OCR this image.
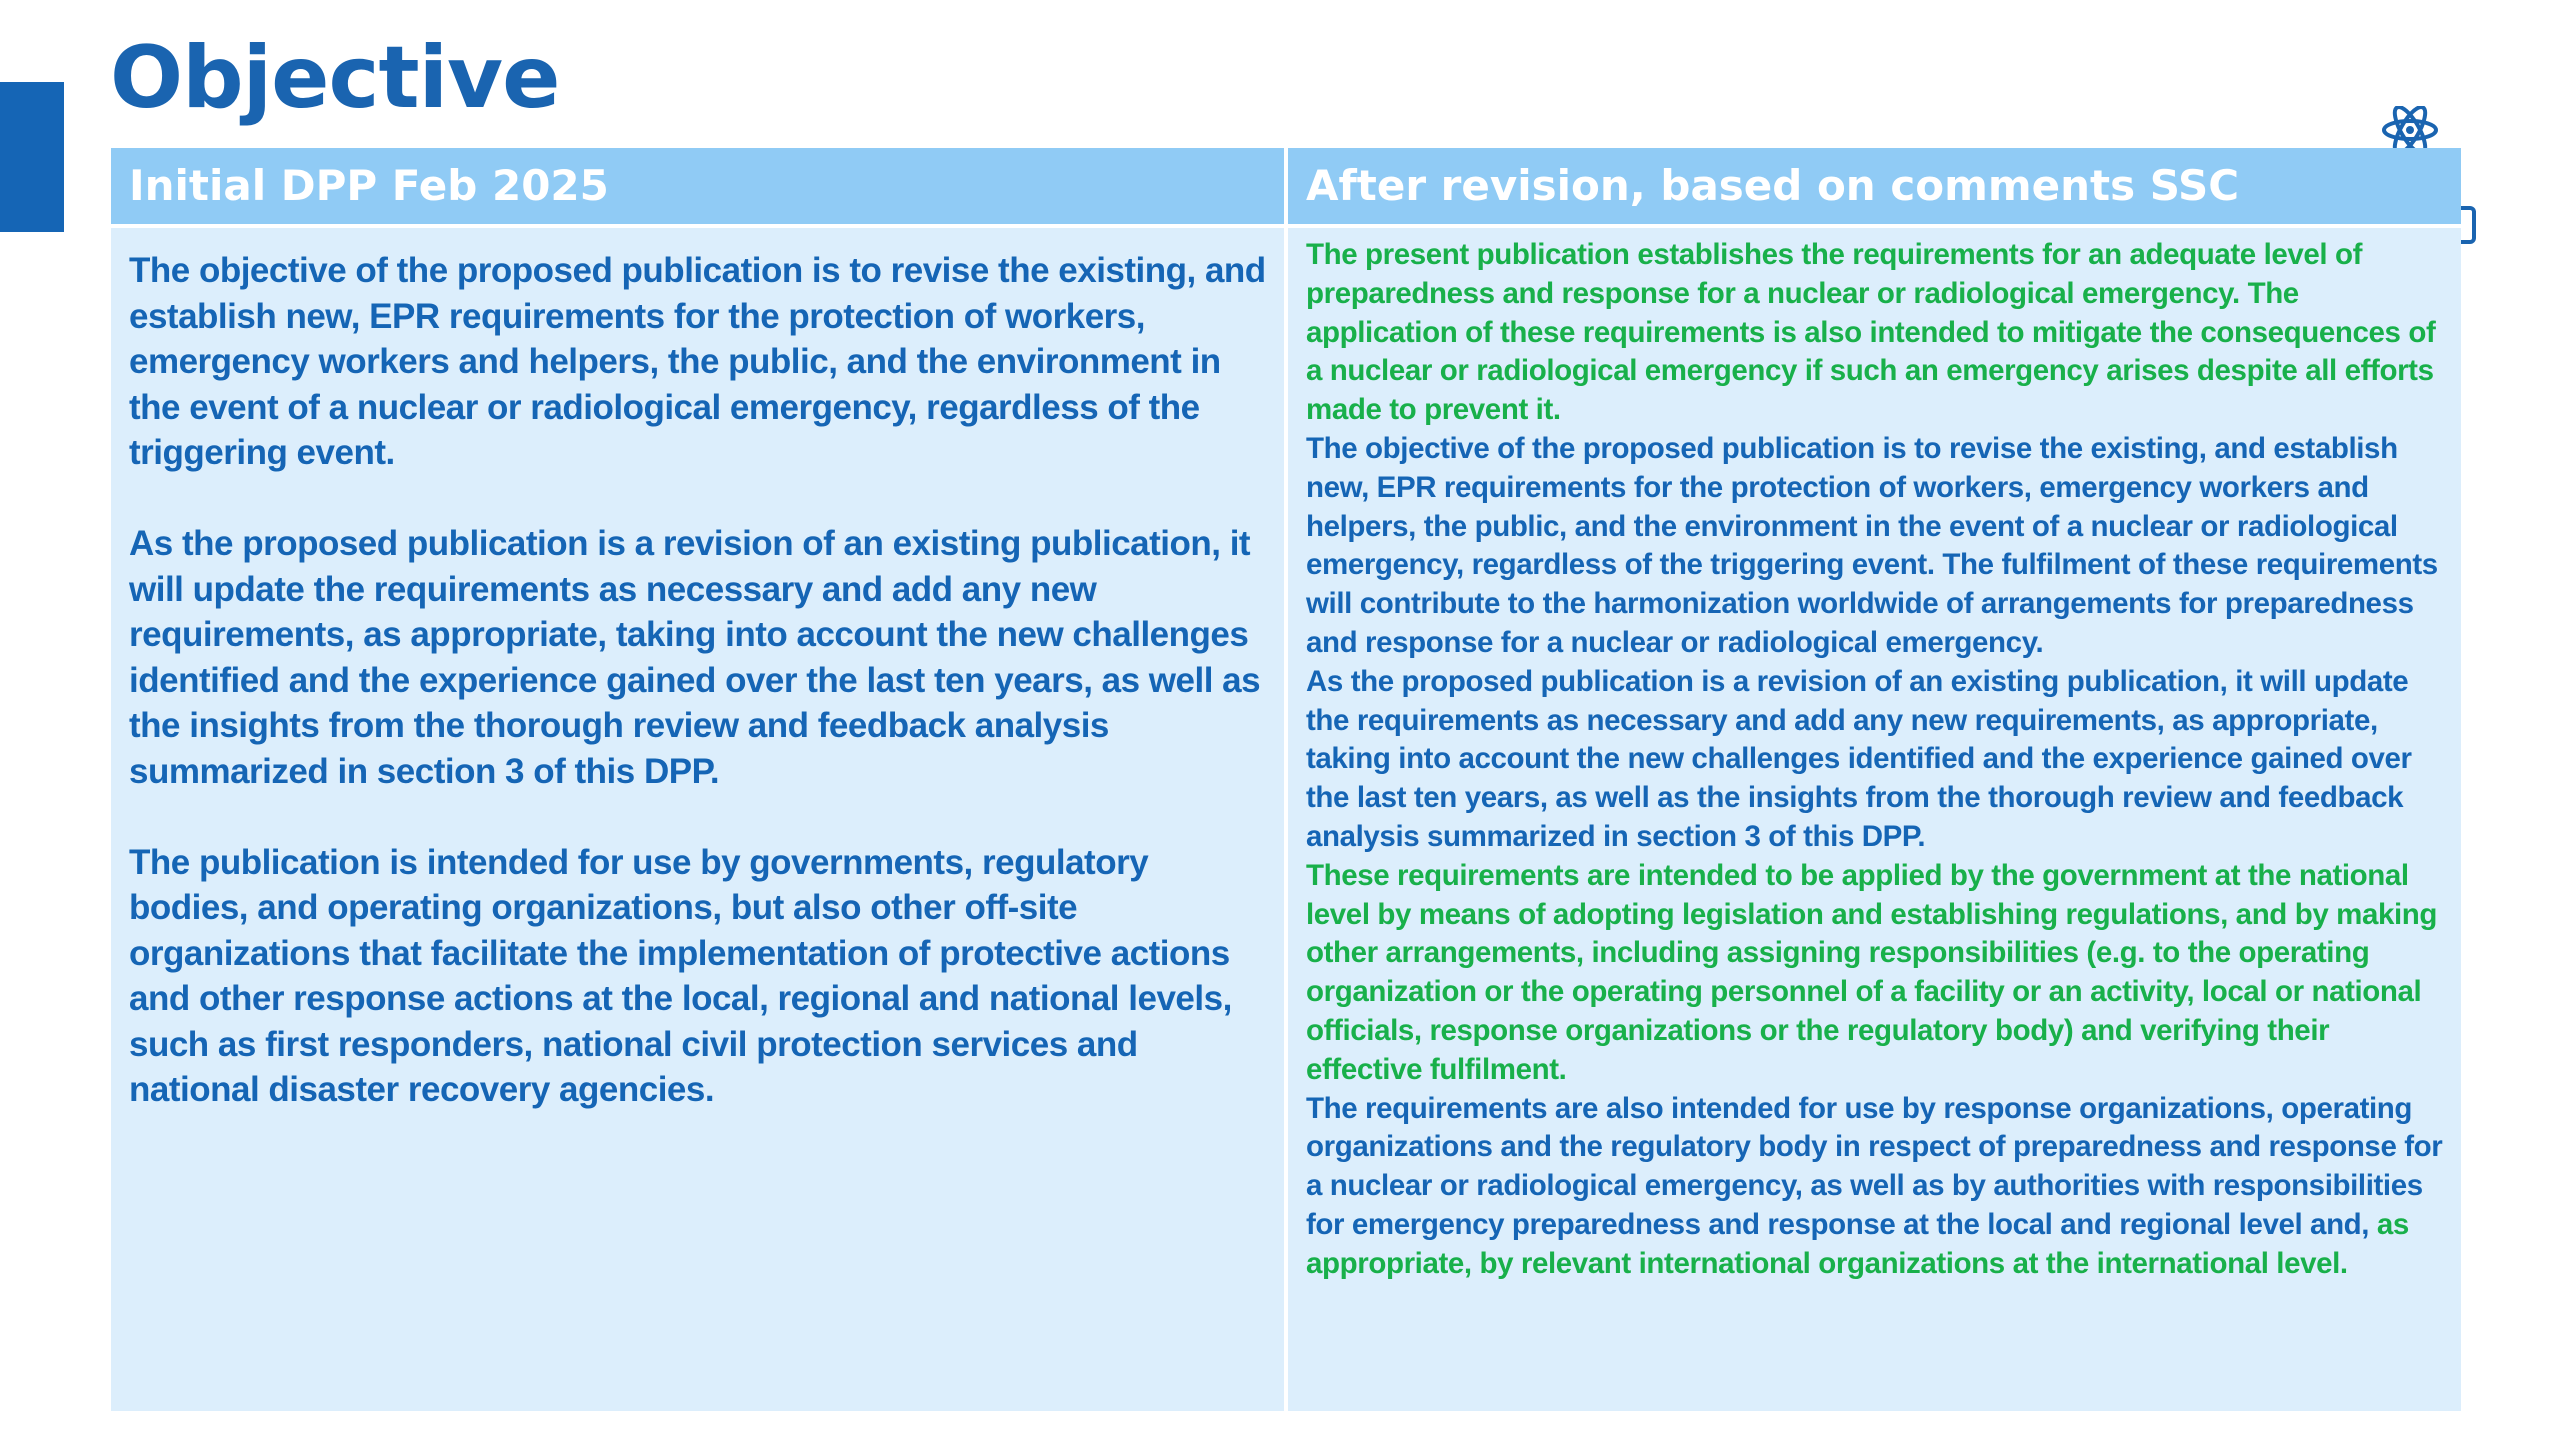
Objective
Initial DPP Feb 2025	After revision, based on comments SSC

The objective of the proposed publication is to revise the existing, and establish new, EPR requirements for the protection of workers, emergency workers and helpers, the public, and the environment in the event of a nuclear or radiological emergency, regardless of the triggering event.

As the proposed publication is a revision of an existing publication, it will update the requirements as necessary and add any new requirements, as appropriate, taking into account the new challenges identified and the experience gained over the last ten years, as well as the insights from the thorough review and feedback analysis summarized in section 3 of this DPP.

The publication is intended for use by governments, regulatory bodies, and operating organizations, but also other off-site organizations that facilitate the implementation of protective actions and other response actions at the local, regional and national levels, such as first responders, national civil protection services and national disaster recovery agencies.

The present publication establishes the requirements for an adequate level of preparedness and response for a nuclear or radiological emergency. The application of these requirements is also intended to mitigate the consequences of a nuclear or radiological emergency if such an emergency arises despite all efforts made to prevent it.

The objective of the proposed publication is to revise the existing, and establish new, EPR requirements for the protection of workers, emergency workers and helpers, the public, and the environment in the event of a nuclear or radiological emergency, regardless of the triggering event. The fulfilment of these requirements will contribute to the harmonization worldwide of arrangements for preparedness and response for a nuclear or radiological emergency.

As the proposed publication is a revision of an existing publication, it will update the requirements as necessary and add any new requirements, as appropriate, taking into account the new challenges identified and the experience gained over the last ten years, as well as the insights from the thorough review and feedback analysis summarized in section 3 of this DPP.

These requirements are intended to be applied by the government at the national level by means of adopting legislation and establishing regulations, and by making other arrangements, including assigning responsibilities (e.g. to the operating organization or the operating personnel of a facility or an activity, local or national officials, response organizations or the regulatory body) and verifying their effective fulfilment.

The requirements are also intended for use by response organizations, operating organizations and the regulatory body in respect of preparedness and response for a nuclear or radiological emergency, as well as by authorities with responsibilities for emergency preparedness and response at the local and regional level and, as appropriate, by relevant international organizations at the international level.
